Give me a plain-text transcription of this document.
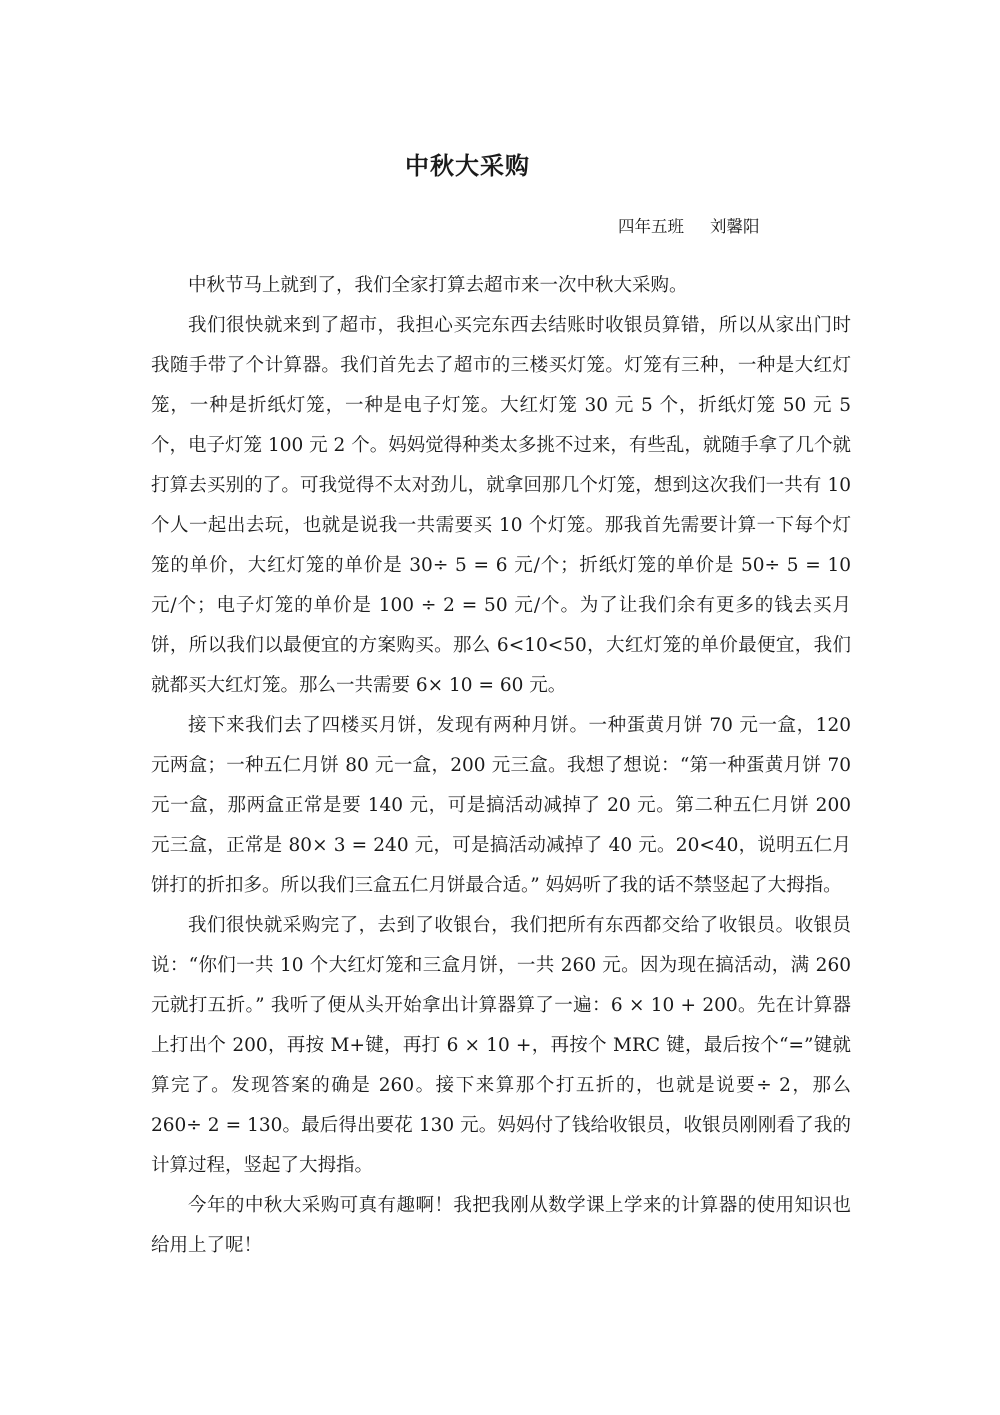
中秋大采购
四年五班 刘馨阳

中秋节马上就到了，我们全家打算去超市来一次中秋大采购。

我们很快就来到了超市，我担心买完东西去结账时收银员算错，所以从家出门时我随手带了个计算器。我们首先去了超市的三楼买灯笼。灯笼有三种，一种是大红灯笼，一种是折纸灯笼，一种是电子灯笼。大红灯笼 30 元 5 个，折纸灯笼 50 元 5 个，电子灯笼 100 元 2 个。妈妈觉得种类太多挑不过来，有些乱，就随手拿了几个就打算去买别的了。可我觉得不太对劲儿，就拿回那几个灯笼，想到这次我们一共有 10 个人一起出去玩，也就是说我一共需要买 10 个灯笼。那我首先需要计算一下每个灯笼的单价，大红灯笼的单价是 30÷ 5 = 6 元/个；折纸灯笼的单价是 50÷ 5 = 10 元/个；电子灯笼的单价是 100 ÷ 2 = 50 元/个。为了让我们余有更多的钱去买月饼，所以我们以最便宜的方案购买。那么 6<10<50，大红灯笼的单价最便宜，我们就都买大红灯笼。那么一共需要 6× 10 = 60 元。

接下来我们去了四楼买月饼，发现有两种月饼。一种蛋黄月饼 70 元一盒，120 元两盒；一种五仁月饼 80 元一盒，200 元三盒。我想了想说：“第一种蛋黄月饼 70 元一盒，那两盒正常是要 140 元，可是搞活动减掉了 20 元。第二种五仁月饼 200 元三盒，正常是 80× 3 = 240 元，可是搞活动减掉了 40 元。20<40，说明五仁月饼打的折扣多。所以我们三盒五仁月饼最合适。” 妈妈听了我的话不禁竖起了大拇指。

我们很快就采购完了，去到了收银台，我们把所有东西都交给了收银员。收银员说：“你们一共 10 个大红灯笼和三盒月饼，一共 260 元。因为现在搞活动，满 260 元就打五折。” 我听了便从头开始拿出计算器算了一遍：6 × 10 + 200。先在计算器上打出个 200，再按 M+键，再打 6 × 10 +，再按个 MRC 键，最后按个“=”键就算完了。发现答案的确是 260。接下来算那个打五折的，也就是说要÷ 2，那么 260÷ 2 = 130。最后得出要花 130 元。妈妈付了钱给收银员，收银员刚刚看了我的计算过程，竖起了大拇指。

今年的中秋大采购可真有趣啊！我把我刚从数学课上学来的计算器的使用知识也给用上了呢！
